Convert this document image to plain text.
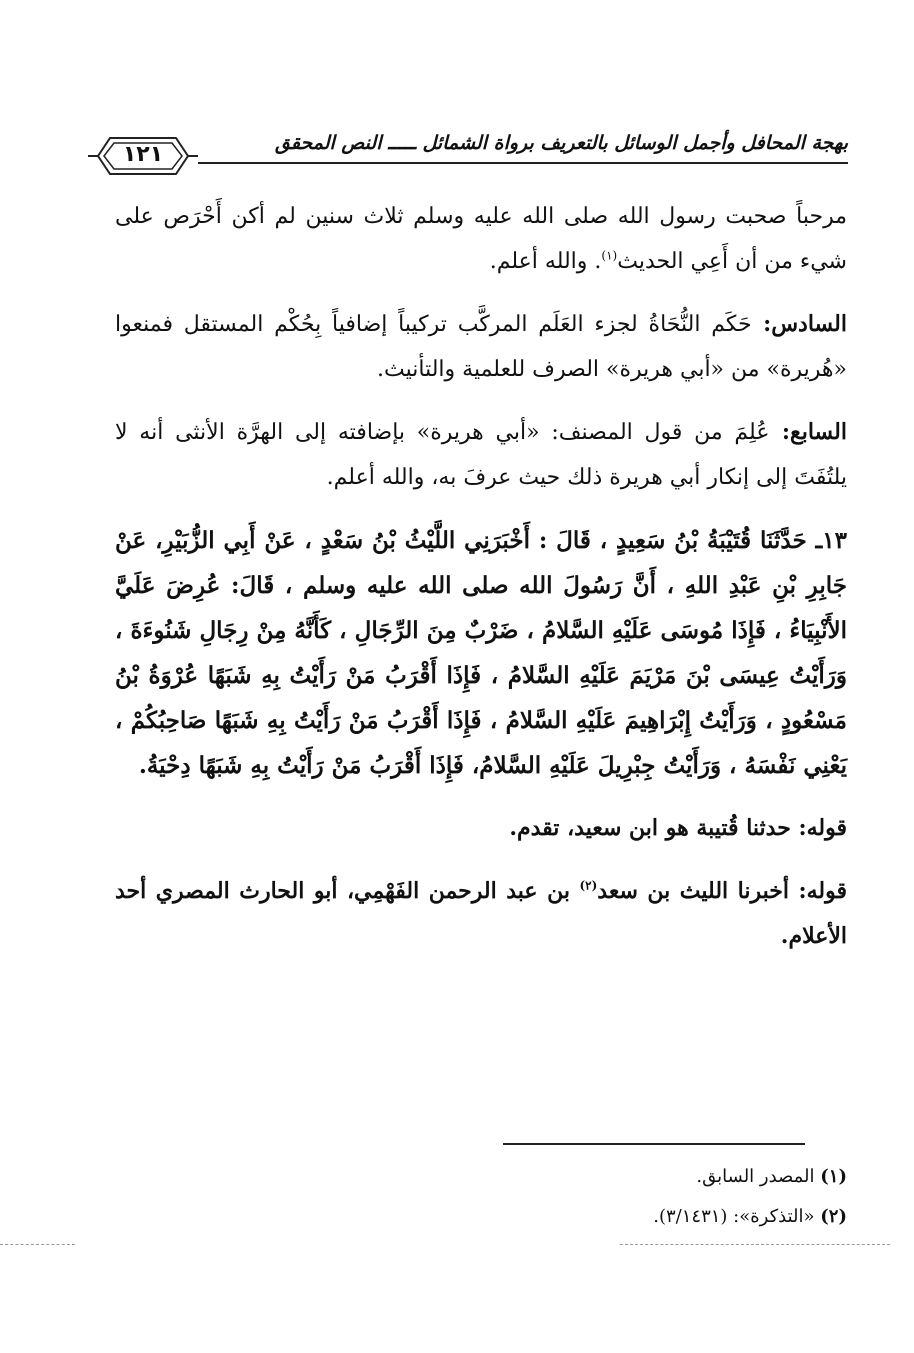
١٢١	بهجة المحافل وأجمل الوسائل بالتعريف برواة الشمائل ـــــ النص المحقق

مرحباً صحبت رسول الله صلى الله عليه وسلم ثلاث سنين لم أكن أَحْرَص على شيء من أن أَعِي الحديث$^{(١)}$. والله أعلم.

السادس: حَكَم النُّحَاةُ لجزء العَلَم المركَّب تركيباً إضافياً بِحُكْم المستقل فمنعوا «هُريرة» من «أبي هريرة» الصرف للعلمية والتأنيث.

السابع: عُلِمَ من قول المصنف: «أبي هريرة» بإضافته إلى الهرَّة الأنثى أنه لا يلتُفَتَ إلى إنكار أبي هريرة ذلك حيث عرفَ به، والله أعلم.

١٣ـ حَدَّثَنَا قُتَيْبَةُ بْنُ سَعِيدٍ ، قَالَ : أَخْبَرَنِي اللَّيْثُ بْنُ سَعْدٍ ، عَنْ أَبِي الزُّبَيْرِ، عَنْ جَابِرِ بْنِ عَبْدِ اللهِ ، أَنَّ رَسُولَ الله صلى الله عليه وسلم ، قَالَ: عُرِضَ عَلَيَّ الأَنْبِيَاءُ ، فَإِذَا مُوسَى عَلَيْهِ السَّلامُ ، ضَرْبٌ مِنَ الرِّجَالِ ، كَأَنَّهُ مِنْ رِجَالِ شَنُوءَةَ ، وَرَأَيْتُ عِيسَى بْنَ مَرْيَمَ عَلَيْهِ السَّلامُ ، فَإِذَا أَقْرَبُ مَنْ رَأَيْتُ بِهِ شَبَهًا عُرْوَةُ بْنُ مَسْعُودٍ ، وَرَأَيْتُ إِبْرَاهِيمَ عَلَيْهِ السَّلامُ ، فَإِذَا أَقْرَبُ مَنْ رَأَيْتُ بِهِ شَبَهًا صَاحِبُكُمْ ، يَعْنِي نَفْسَهُ ، وَرَأَيْتُ جِبْرِيلَ عَلَيْهِ السَّلامُ، فَإِذَا أَقْرَبُ مَنْ رَأَيْتُ بِهِ شَبَهًا دِحْيَةُ.

قوله: حدثنا قُتيبة هو ابن سعيد، تقدم.

قوله: أخبرنا الليث بن سعد$^{(٢)}$ بن عبد الرحمن الفَهْمِي، أبو الحارث المصري أحد الأعلام.

(١) المصدر السابق.

(٢) «التذكرة»: (٣/١٤٣١).
